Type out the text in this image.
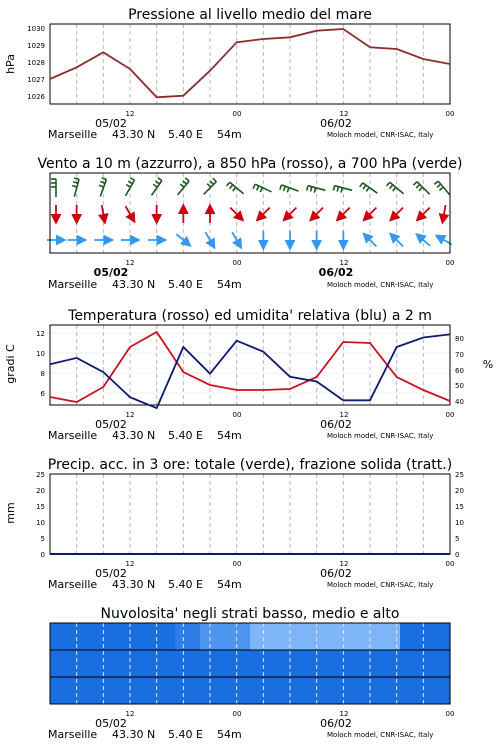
Pressione al livello medio del mare
hPa
1026
1027
1028
1029
1030
12	00	12	00
05/02	06/02
Marseille 43.30 N 5.40 E 54m	Moloch model, CNR-ISAC, Italy
Vento a 10 m (azzurro), a 850 hPa (rosso), a 700 hPa (verde)
12	00	12	00
05/02	06/02
Marseille 43.30 N 5.40 E 54m	Moloch model, CNR-ISAC, Italy
Temperatura (rosso) ed umidita' relativa (blu) a 2 m
gradi C	%
6
8
10
12
40
50
60
70
80
12	00	12	00
05/02	06/02
Marseille 43.30 N 5.40 E 54m	Moloch model, CNR-ISAC, Italy
Precip. acc. in 3 ore: totale (verde), frazione solida (tratt.)
mm
0
5
10
15
20
25
0
5
10
15
20
25
12	00	12	00
05/02	06/02
Marseille 43.30 N 5.40 E 54m	Moloch model, CNR-ISAC, Italy
Nuvolosita' negli strati basso, medio e alto
12	00	12	00
05/02	06/02
Marseille 43.30 N 5.40 E 54m	Moloch model, CNR-ISAC, Italy
